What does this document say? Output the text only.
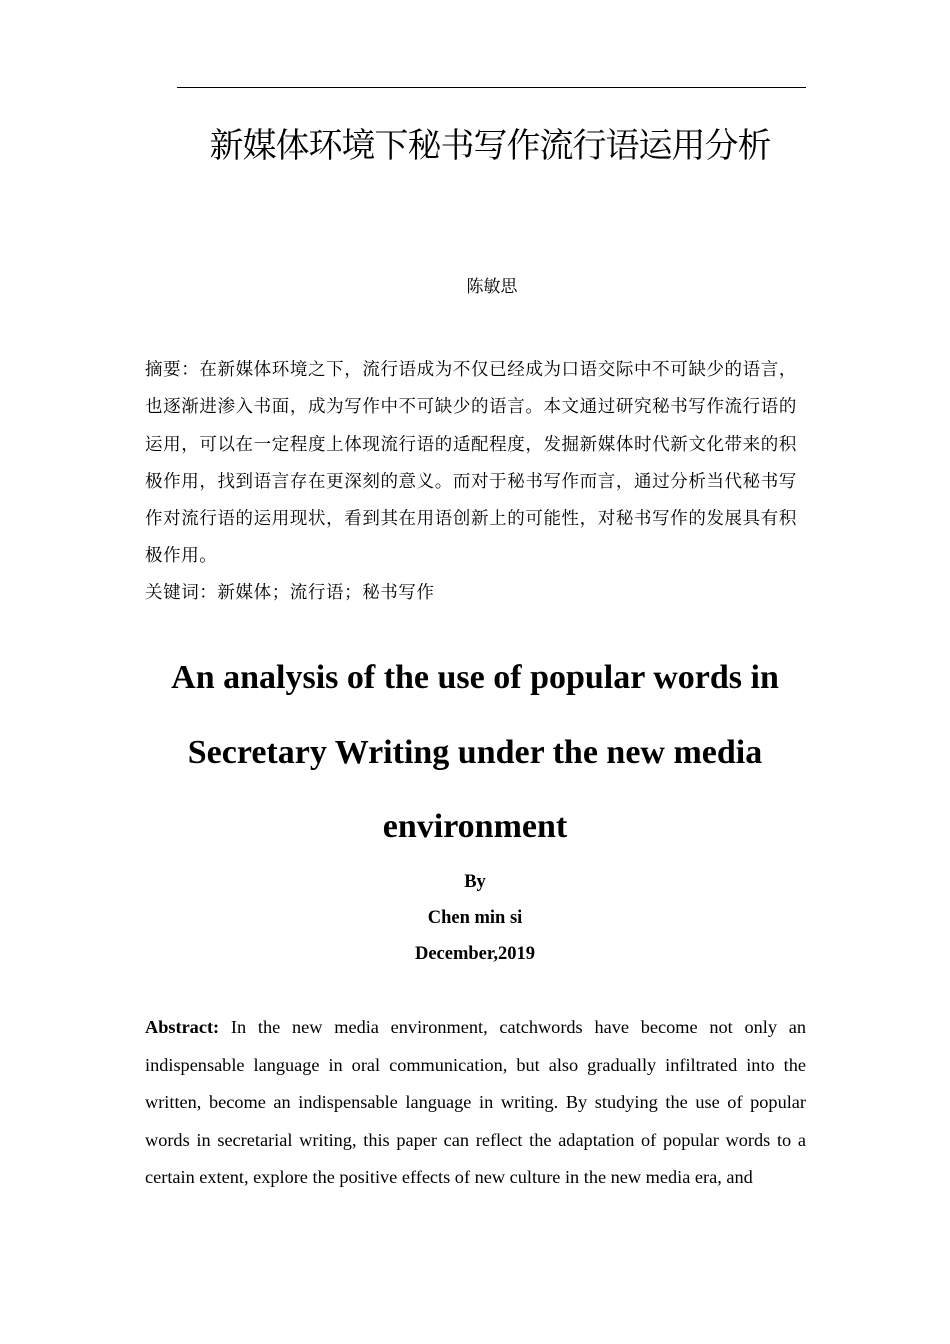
新媒体环境下秘书写作流行语运用分析
陈敏思
摘要：在新媒体环境之下，流行语成为不仅已经成为口语交际中不可缺少的语言，也逐渐进渗入书面，成为写作中不可缺少的语言。本文通过研究秘书写作流行语的运用，可以在一定程度上体现流行语的适配程度，发掘新媒体时代新文化带来的积极作用，找到语言存在更深刻的意义。而对于秘书写作而言，通过分析当代秘书写作对流行语的运用现状，看到其在用语创新上的可能性，对秘书写作的发展具有积极作用。
关键词：新媒体；流行语；秘书写作
An analysis of the use of popular words in Secretary Writing under the new media environment
By
Chen min si
December,2019
Abstract: In the new media environment, catchwords have become not only an indispensable language in oral communication, but also gradually infiltrated into the written, become an indispensable language in writing. By studying the use of popular words in secretarial writing, this paper can reflect the adaptation of popular words to a certain extent, explore the positive effects of new culture in the new media era, and
